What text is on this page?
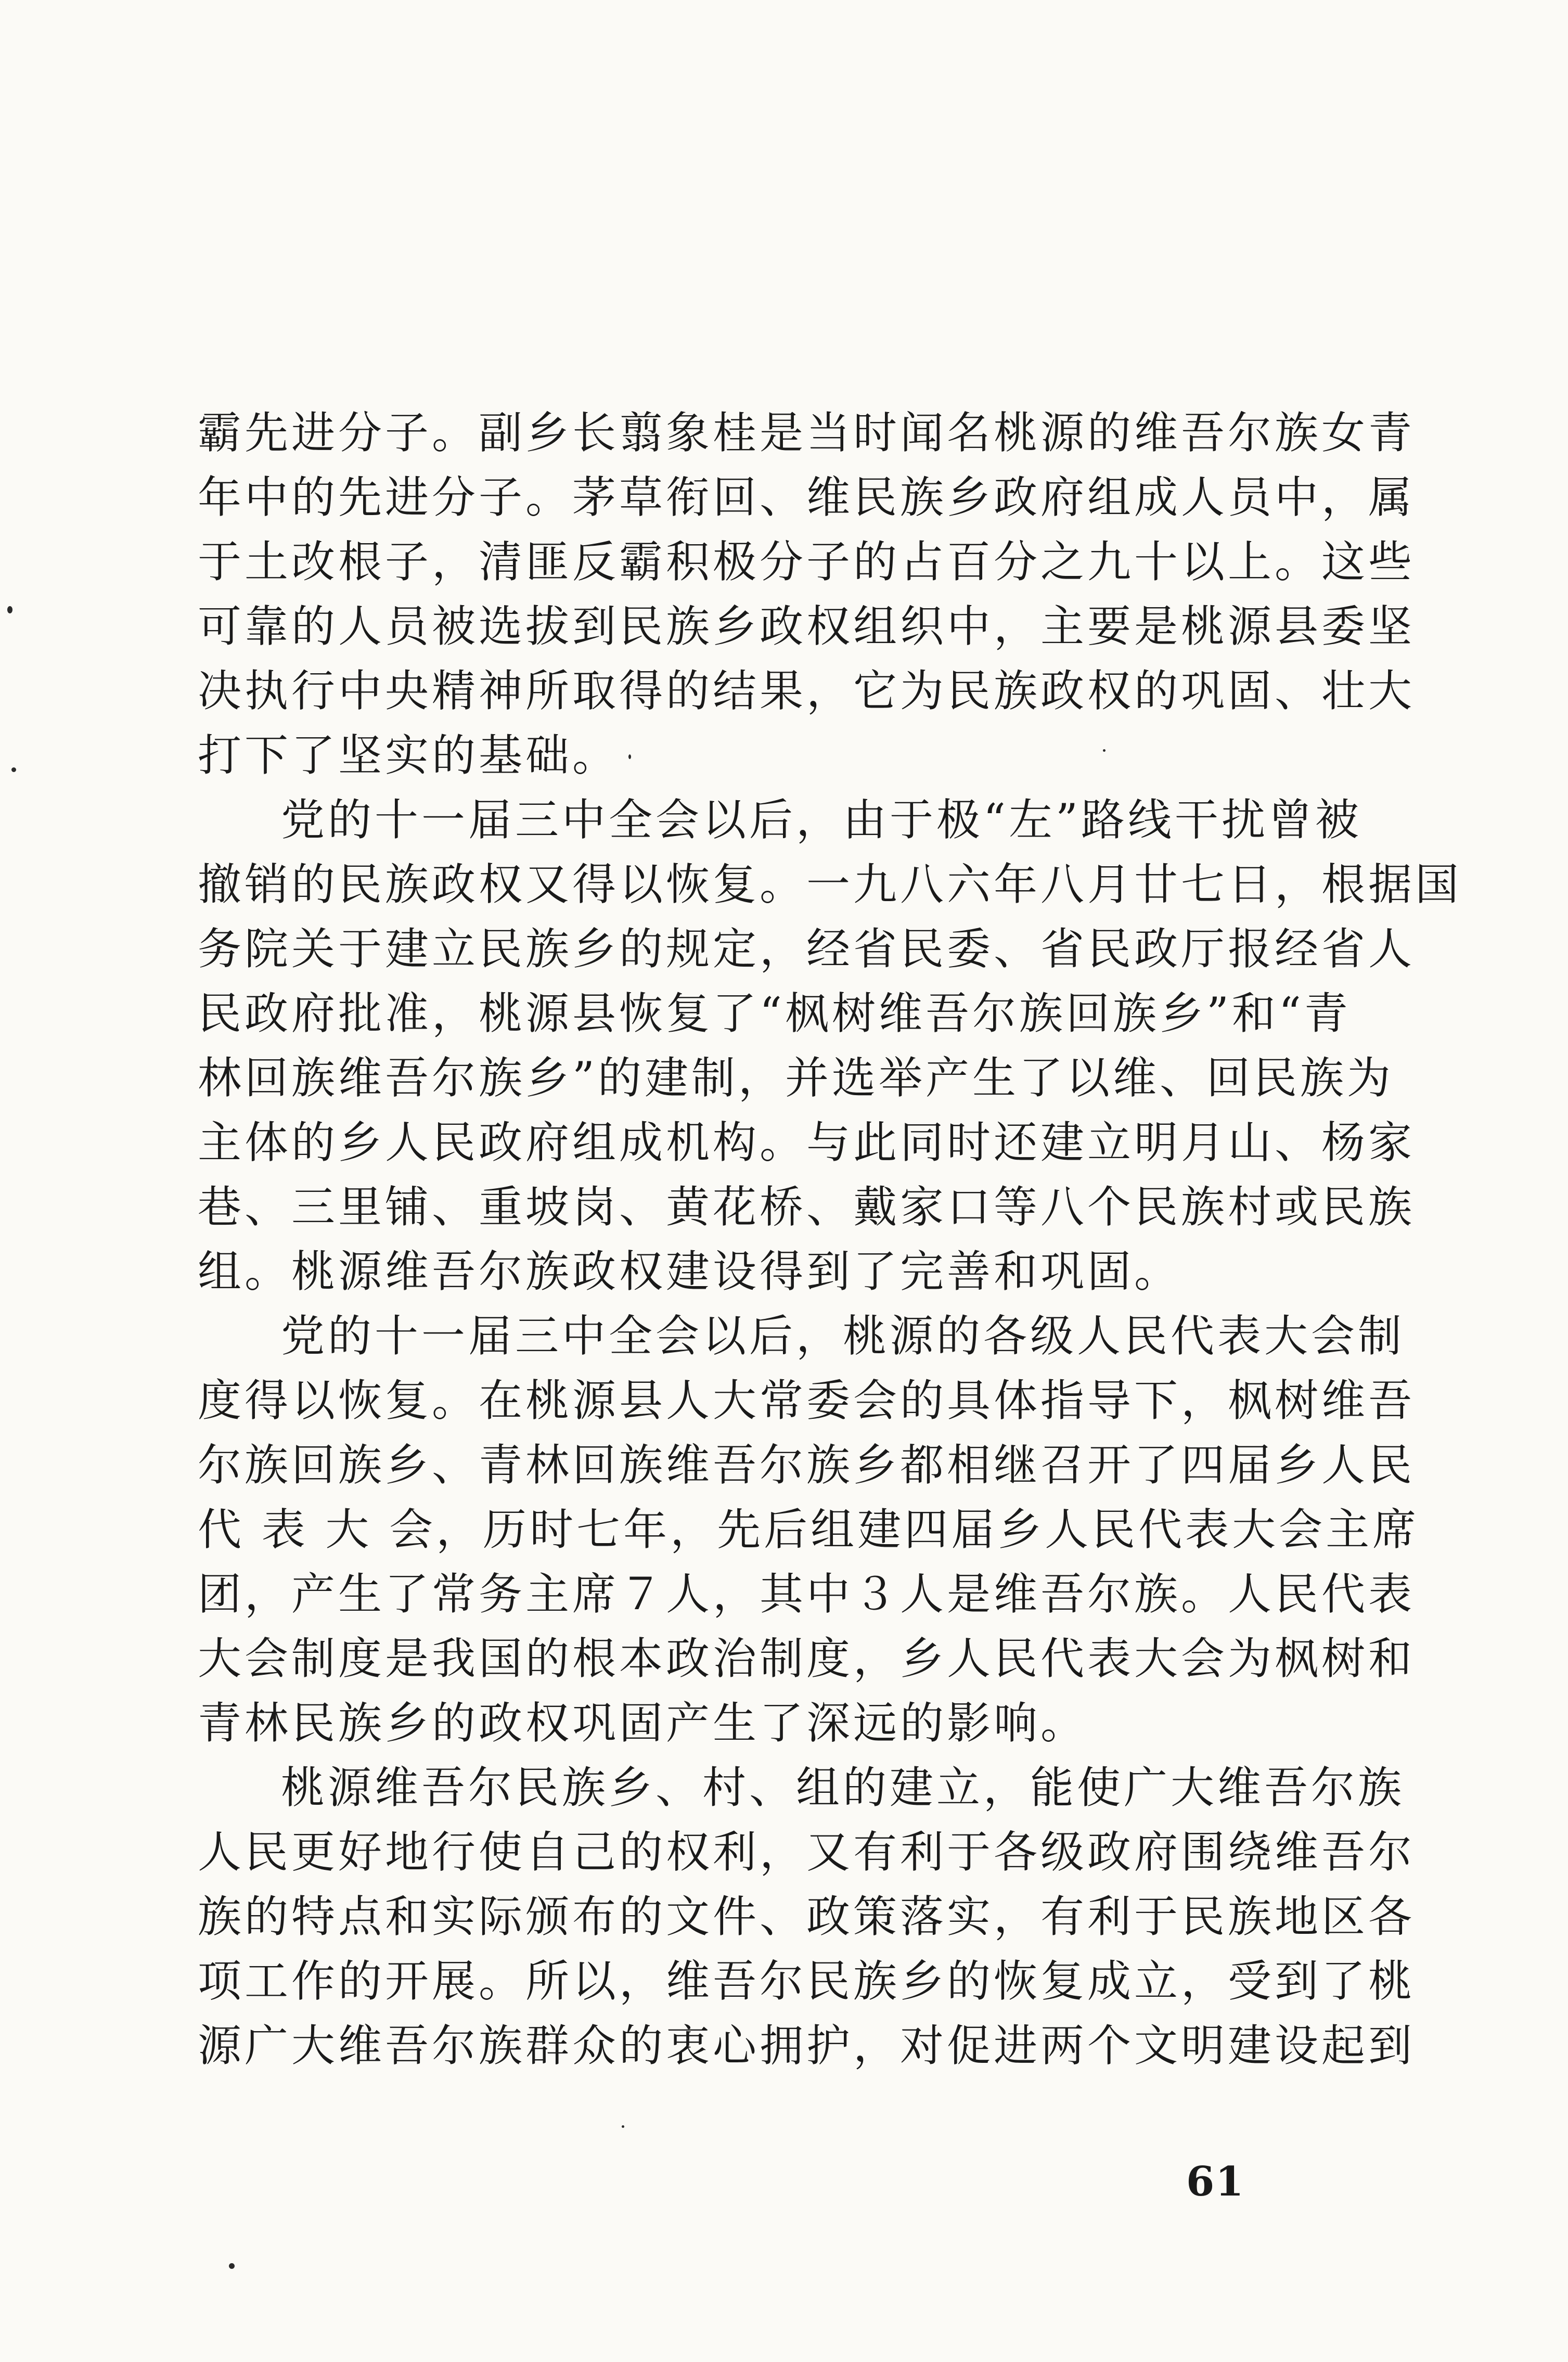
霸先进分子。副乡长翦象桂是当时闻名桃源的维吾尔族女青
年中的先进分子。茅草衔回、维民族乡政府组成人员中，属
于土改根子，清匪反霸积极分子的占百分之九十以上。这些
可靠的人员被选拔到民族乡政权组织中，主要是桃源县委坚
决执行中央精神所取得的结果，它为民族政权的巩固、壮大
打下了坚实的基础。
党的十一届三中全会以后，由于极“左”路线干扰曾被
撤销的民族政权又得以恢复。一九八六年八月廿七日，根据国
务院关于建立民族乡的规定，经省民委、省民政厅报经省人
民政府批准，桃源县恢复了“枫树维吾尔族回族乡”和“青
林回族维吾尔族乡”的建制，并选举产生了以维、回民族为
主体的乡人民政府组成机构。与此同时还建立明月山、杨家
巷、三里铺、重坡岗、黄花桥、戴家口等八个民族村或民族
组。桃源维吾尔族政权建设得到了完善和巩固。
党的十一届三中全会以后，桃源的各级人民代表大会制
度得以恢复。在桃源县人大常委会的具体指导下，枫树维吾
尔族回族乡、青林回族维吾尔族乡都相继召开了四届乡人民
代 表 大 会，历时七年，先后组建四届乡人民代表大会主席
团，产生了常务主席７人，其中３人是维吾尔族。人民代表
大会制度是我国的根本政治制度，乡人民代表大会为枫树和
青林民族乡的政权巩固产生了深远的影响。
桃源维吾尔民族乡、村、组的建立，能使广大维吾尔族
人民更好地行使自己的权利，又有利于各级政府围绕维吾尔
族的特点和实际颁布的文件、政策落实，有利于民族地区各
项工作的开展。所以，维吾尔民族乡的恢复成立，受到了桃
源广大维吾尔族群众的衷心拥护，对促进两个文明建设起到
61
